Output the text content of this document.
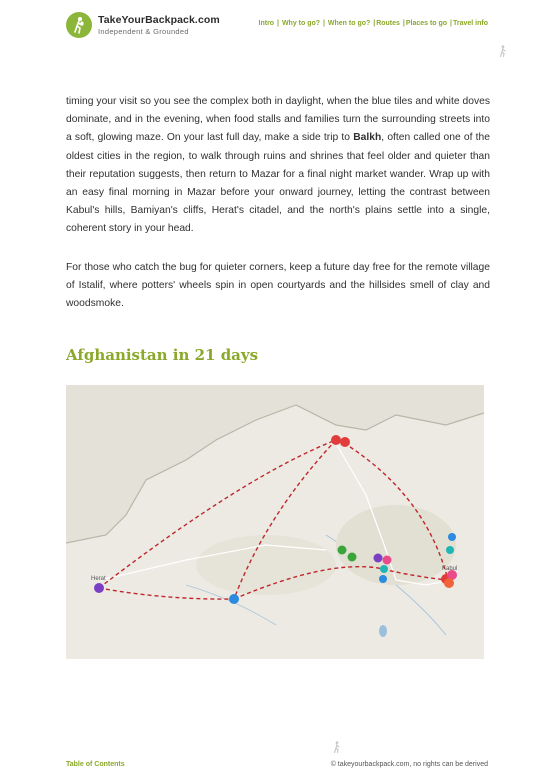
TakeYourBackpack.com
Independent & Grounded
Intro | Why to go? | When to go? | Routes | Places to go | Travel info

timing your visit so you see the complex both in daylight, when the blue tiles and white doves dominate, and in the evening, when food stalls and families turn the surrounding streets into a soft, glowing maze. On your last full day, make a side trip to Balkh, often called one of the oldest cities in the region, to walk through ruins and shrines that feel older and quieter than their reputation suggests, then return to Mazar for a final night market wander. Wrap up with an easy final morning in Mazar before your onward journey, letting the contrast between Kabul's hills, Bamiyan's cliffs, Herat's citadel, and the north's plains settle into a single, coherent story in your head.

For those who catch the bug for quieter corners, keep a future day free for the remote village of Istalif, where potters' wheels spin in open courtyards and the hillsides smell of clay and woodsmoke.

Afghanistan in 21 days
Herat
Kabul
Table of Contents	© takeyourbackpack.com, no rights can be derived
